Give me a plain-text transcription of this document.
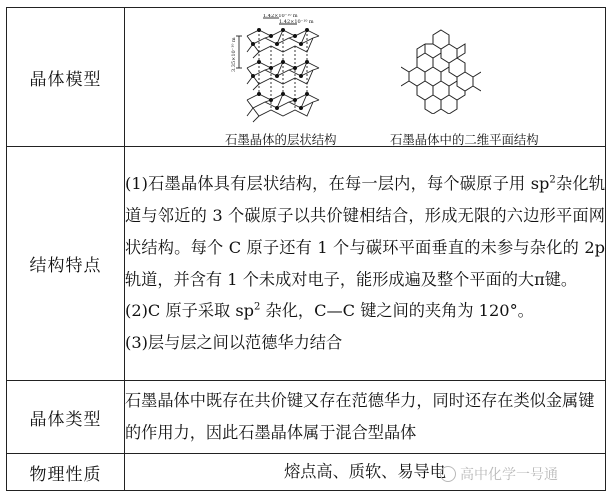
晶体模型	1.42×10⁻¹⁰ m
1.42×10⁻¹⁰ m
3.35×10⁻¹⁰ m
石墨晶体的层状结构 石墨晶体中的二维平面结构

结构特点	(1)石墨晶体具有层状结构，在每一层内，每个碳原子用 $sp^2$杂化轨道与邻近的 3 个碳原子以共价键相结合，形成无限的六边形平面网状结构。每个 C 原子还有 1 个与碳环平面垂直的未参与杂化的 2p 轨道，并含有 1 个未成对电子，能形成遍及整个平面的大π键。

(2)C 原子采取 $sp^2$ 杂化，C—C 键之间的夹角为 120°。

(3)层与层之间以范德华力结合

晶体类型	石墨晶体中既存在共价键又存在范德华力，同时还存在类似金属键的作用力，因此石墨晶体属于混合型晶体
物理性质	熔点高、质软、易导电 高中化学一号通
